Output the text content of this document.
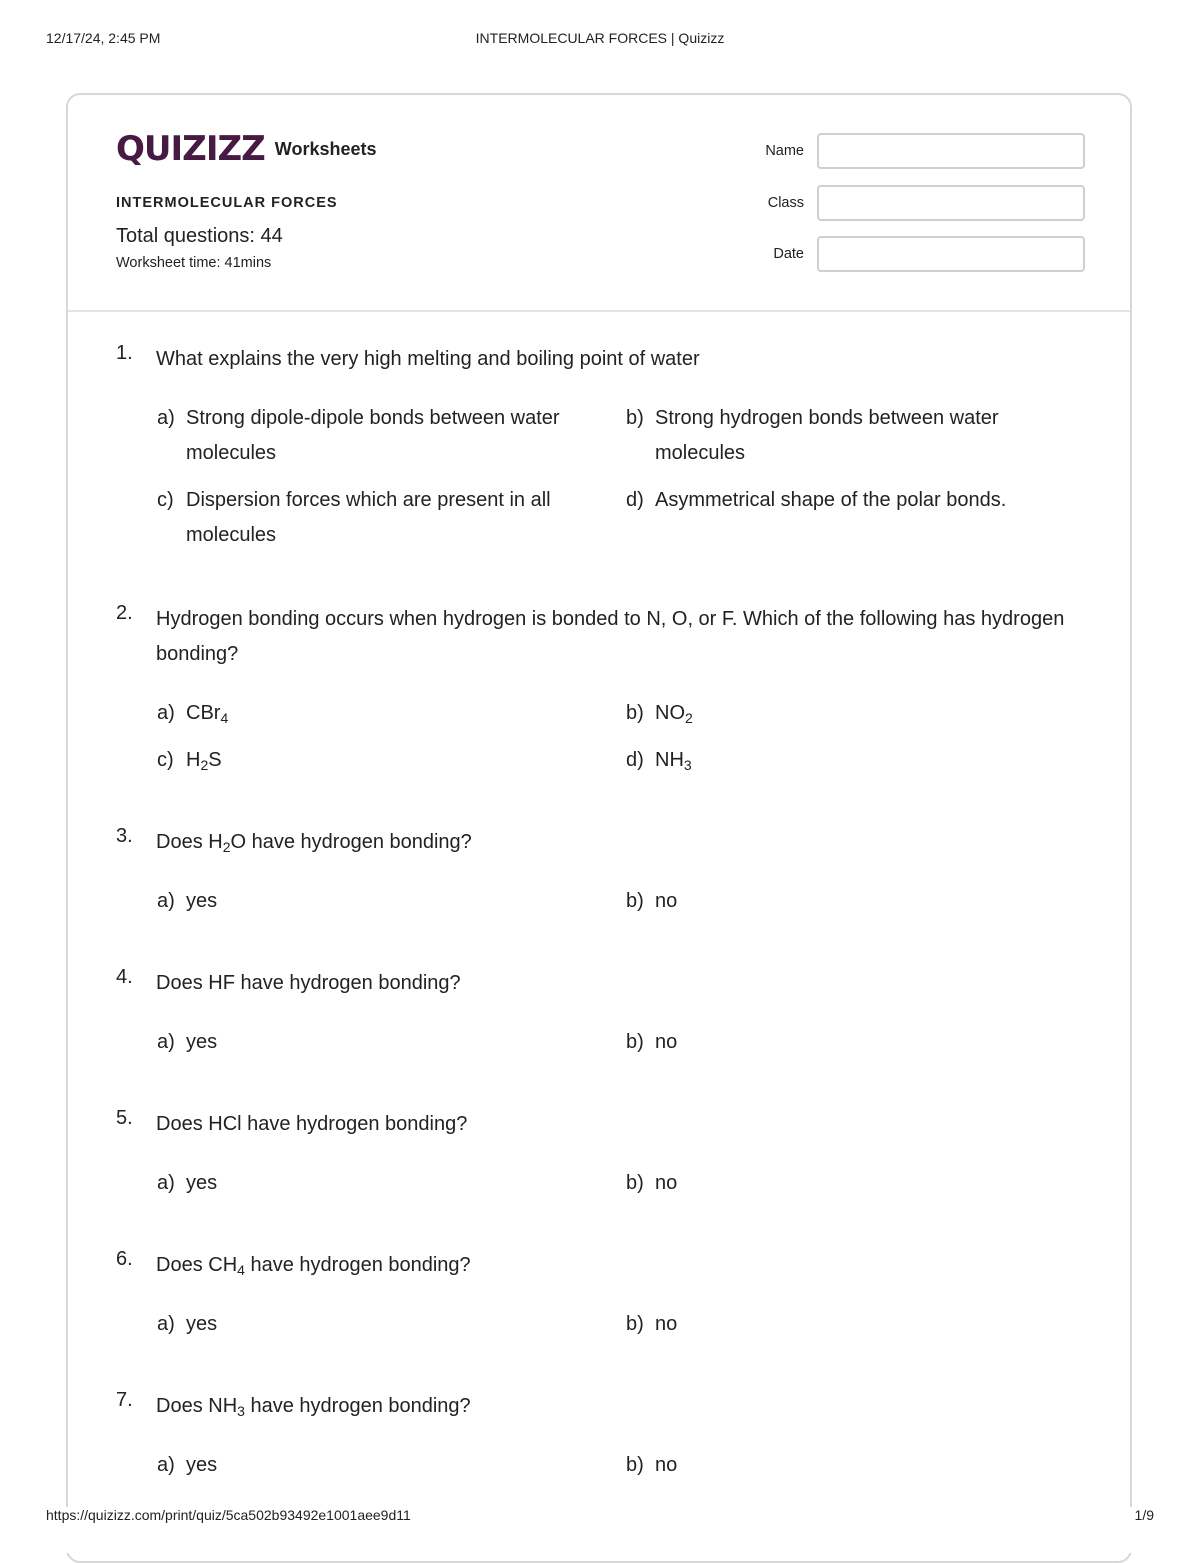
12/17/24, 2:45 PM	INTERMOLECULAR FORCES | Quizizz
QUIZIZZ Worksheets
INTERMOLECULAR FORCES
Total questions: 44
Worksheet time: 41mins
Name
Class
Date
1. What explains the very high melting and boiling point of water
a) Strong dipole-dipole bonds between water molecules
b) Strong hydrogen bonds between water molecules
c) Dispersion forces which are present in all molecules
d) Asymmetrical shape of the polar bonds.
2. Hydrogen bonding occurs when hydrogen is bonded to N, O, or F. Which of the following has hydrogen bonding?
a) CBr$_4$	b) $NO_2$
c) $H_2S$	d) $NH_3$
3. Does $H_2O$ have hydrogen bonding?
a) yes	b) no
4. Does HF have hydrogen bonding?
a) yes	b) no
5. Does HCl have hydrogen bonding?
a) yes	b) no
6. Does $CH_4$ have hydrogen bonding?
a) yes	b) no
7. Does $NH_3$ have hydrogen bonding?
a) yes	b) no
https://quizizz.com/print/quiz/5ca502b93492e1001aee9d11	1/9
